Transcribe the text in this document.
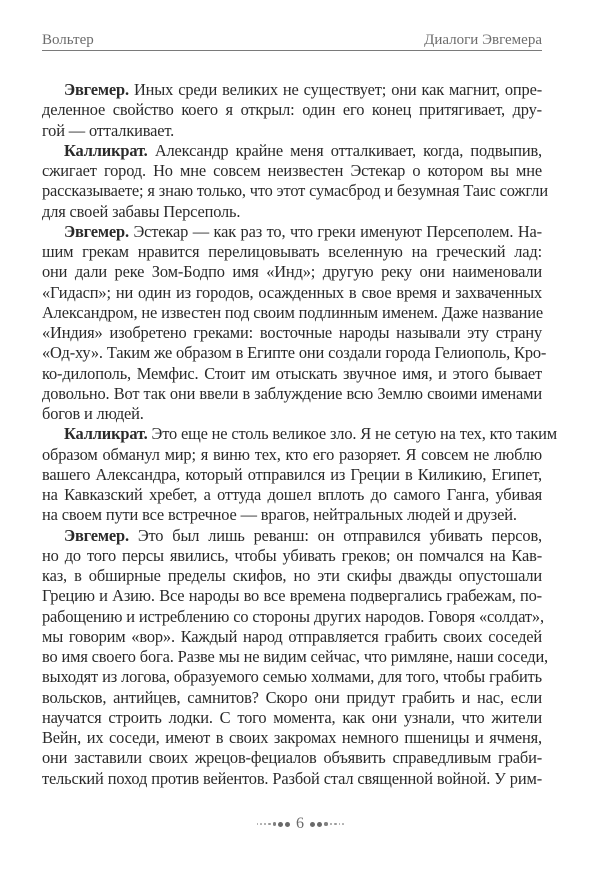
Вольтер	Диалоги Эвгемера
Эвгемер. Иных среди великих не существует; они как магнит, опре-
деленное свойство коего я открыл: один его конец притягивает, дру-
гой — отталкивает.
Калликрат. Александр крайне меня отталкивает, когда, подвыпив,
сжигает город. Но мне совсем неизвестен Эстекар о котором вы мне
рассказываете; я знаю только, что этот сумасброд и безумная Таис сожгли
для своей забавы Персеполь.
Эвгемер. Эстекар — как раз то, что греки именуют Персеполем. На-
шим грекам нравится перелицовывать вселенную на греческий лад:
они дали реке Зом-Бодпо имя «Инд»; другую реку они наименовали
«Гидасп»; ни один из городов, осажденных в свое время и захваченных
Александром, не известен под своим подлинным именем. Даже название
«Индия» изобретено греками: восточные народы называли эту страну
«Од-ху». Таким же образом в Египте они создали города Гелиополь, Кро-
ко-дилополь, Мемфис. Стоит им отыскать звучное имя, и этого бывает
довольно. Вот так они ввели в заблуждение всю Землю своими именами
богов и людей.
Калликрат. Это еще не столь великое зло. Я не сетую на тех, кто таким
образом обманул мир; я виню тех, кто его разоряет. Я совсем не люблю
вашего Александра, который отправился из Греции в Киликию, Египет,
на Кавказский хребет, а оттуда дошел вплоть до самого Ганга, убивая
на своем пути все встречное — врагов, нейтральных людей и друзей.
Эвгемер. Это был лишь реванш: он отправился убивать персов,
но до того персы явились, чтобы убивать греков; он помчался на Кав-
каз, в обширные пределы скифов, но эти скифы дважды опустошали
Грецию и Азию. Все народы во все времена подвергались грабежам, по-
рабощению и истреблению со стороны других народов. Говоря «солдат»,
мы говорим «вор». Каждый народ отправляется грабить своих соседей
во имя своего бога. Разве мы не видим сейчас, что римляне, наши соседи,
выходят из логова, образуемого семью холмами, для того, чтобы грабить
вольсков, антийцев, самнитов? Скоро они придут грабить и нас, если
научатся строить лодки. С того момента, как они узнали, что жители
Вейн, их соседи, имеют в своих закромах немного пшеницы и ячменя,
они заставили своих жрецов-фециалов объявить справедливым граби-
тельский поход против вейентов. Разбой стал священной войной. У рим-
6
